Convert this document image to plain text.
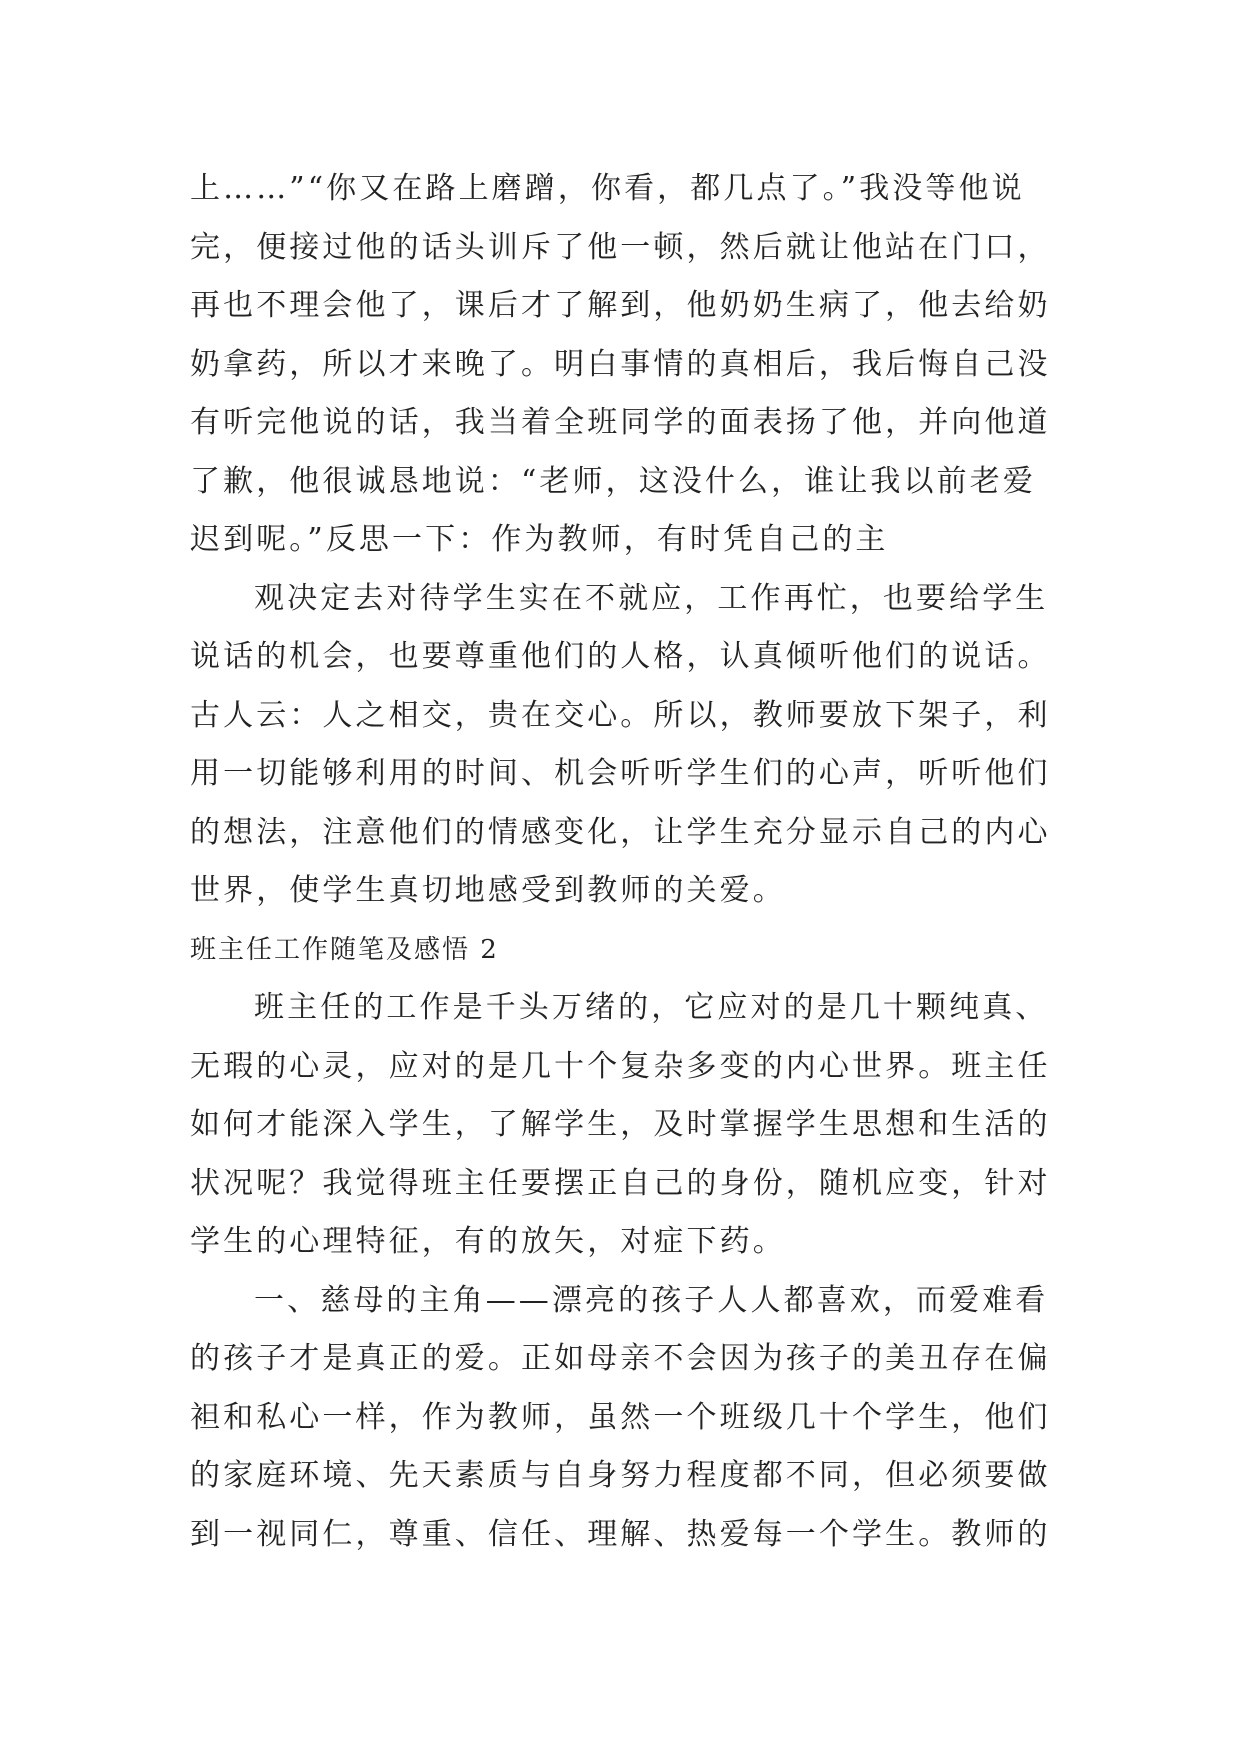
上……”“你又在路上磨蹭，你看，都几点了。”我没等他说
完，便接过他的话头训斥了他一顿，然后就让他站在门口，
再也不理会他了，课后才了解到，他奶奶生病了，他去给奶
奶拿药，所以才来晚了。明白事情的真相后，我后悔自己没
有听完他说的话，我当着全班同学的面表扬了他，并向他道
了歉，他很诚恳地说：“老师，这没什么，谁让我以前老爱
迟到呢。”反思一下：作为教师，有时凭自己的主
观决定去对待学生实在不就应，工作再忙，也要给学生
说话的机会，也要尊重他们的人格，认真倾听他们的说话。
古人云：人之相交，贵在交心。所以，教师要放下架子，利
用一切能够利用的时间、机会听听学生们的心声，听听他们
的想法，注意他们的情感变化，让学生充分显示自己的内心
世界，使学生真切地感受到教师的关爱。
班主任工作随笔及感悟 2
班主任的工作是千头万绪的，它应对的是几十颗纯真、
无瑕的心灵，应对的是几十个复杂多变的内心世界。班主任
如何才能深入学生，了解学生，及时掌握学生思想和生活的
状况呢？我觉得班主任要摆正自己的身份，随机应变，针对
学生的心理特征，有的放矢，对症下药。
一、慈母的主角——漂亮的孩子人人都喜欢，而爱难看
的孩子才是真正的爱。正如母亲不会因为孩子的美丑存在偏
袒和私心一样，作为教师，虽然一个班级几十个学生，他们
的家庭环境、先天素质与自身努力程度都不同，但必须要做
到一视同仁，尊重、信任、理解、热爱每一个学生。教师的
